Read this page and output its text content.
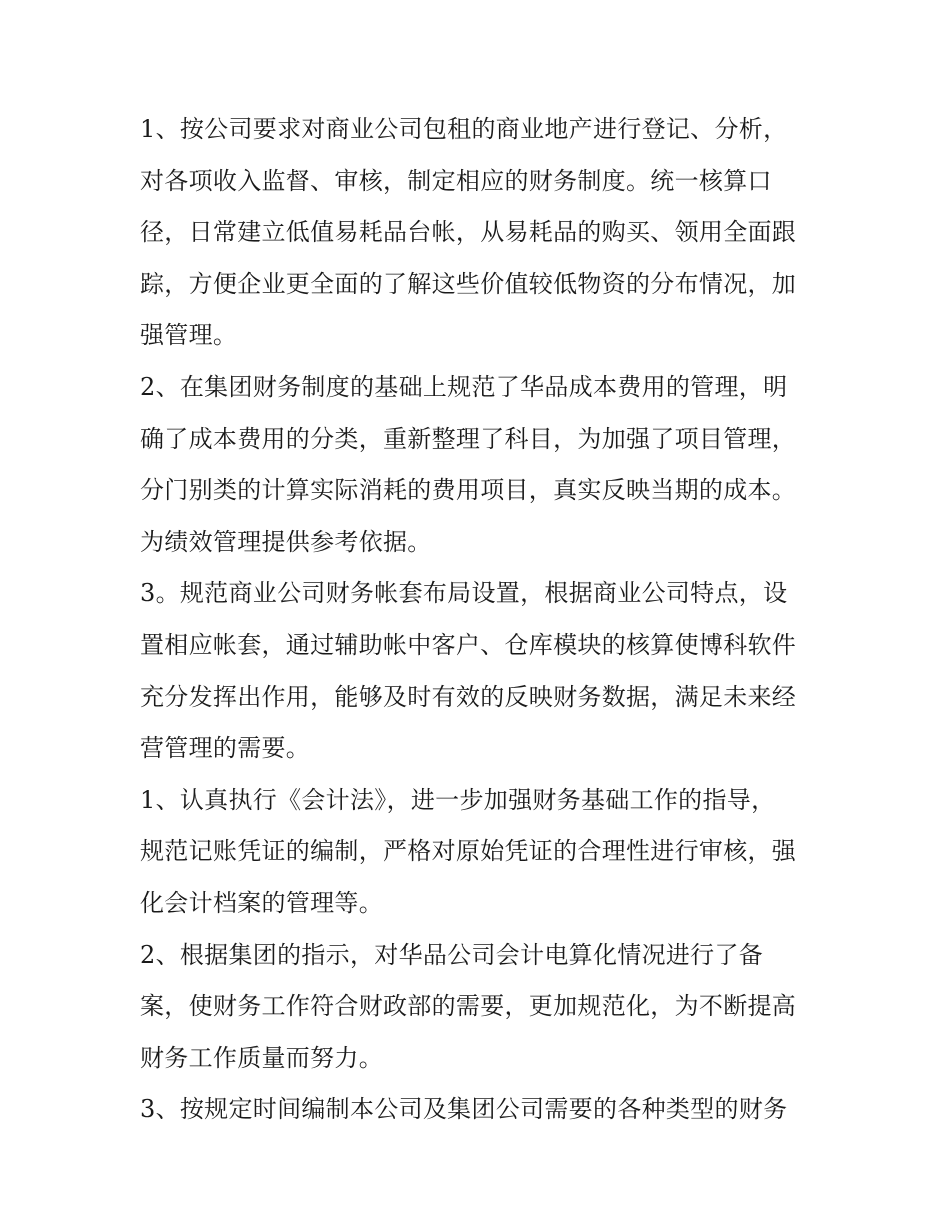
1、按公司要求对商业公司包租的商业地产进行登记、分析，
对各项收入监督、审核，制定相应的财务制度。统一核算口
径，日常建立低值易耗品台帐，从易耗品的购买、领用全面跟
踪，方便企业更全面的了解这些价值较低物资的分布情况，加
强管理。
2、在集团财务制度的基础上规范了华品成本费用的管理，明
确了成本费用的分类，重新整理了科目，为加强了项目管理，
分门别类的计算实际消耗的费用项目，真实反映当期的成本。
为绩效管理提供参考依据。
3。规范商业公司财务帐套布局设置，根据商业公司特点，设
置相应帐套，通过辅助帐中客户、仓库模块的核算使博科软件
充分发挥出作用，能够及时有效的反映财务数据，满足未来经
营管理的需要。
1、认真执行《会计法》，进一步加强财务基础工作的指导，
规范记账凭证的编制，严格对原始凭证的合理性进行审核，强
化会计档案的管理等。
2、根据集团的指示，对华品公司会计电算化情况进行了备
案，使财务工作符合财政部的需要，更加规范化，为不断提高
财务工作质量而努力。
3、按规定时间编制本公司及集团公司需要的各种类型的财务
